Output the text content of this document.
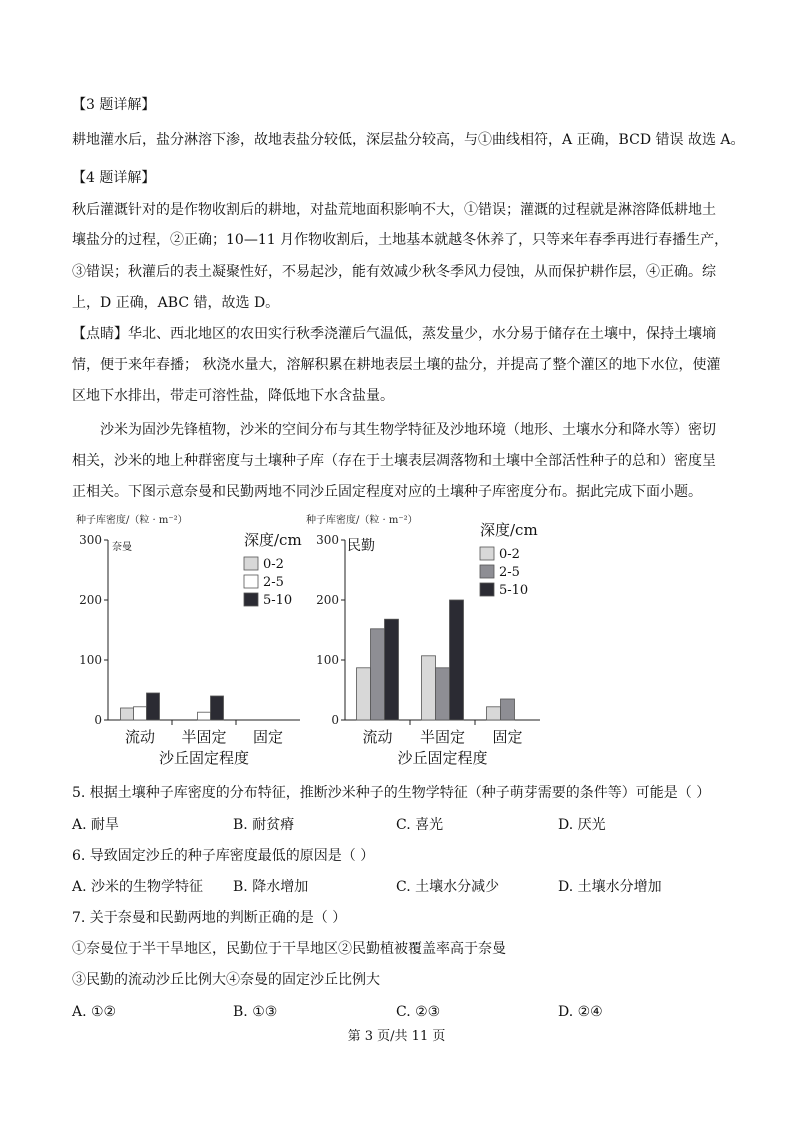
【3 题详解】
耕地灌水后，盐分淋溶下渗，故地表盐分较低，深层盐分较高，与①曲线相符，A 正确，BCD 错误 故选 A。
【4 题详解】
秋后灌溉针对的是作物收割后的耕地，对盐荒地面积影响不大，①错误；灌溉的过程就是淋溶降低耕地土
壤盐分的过程，②正确；10—11 月作物收割后，土地基本就越冬休养了，只等来年春季再进行春播生产，
③错误；秋灌后的表土凝聚性好，不易起沙，能有效减少秋冬季风力侵蚀，从而保护耕作层，④正确。综
上，D 正确，ABC 错，故选 D。
【点睛】华北、西北地区的农田实行秋季浇灌后气温低，蒸发量少，水分易于储存在土壤中，保持土壤墒
情，便于来年春播； 秋浇水量大，溶解积累在耕地表层土壤的盐分，并提高了整个灌区的地下水位，使灌
区地下水排出，带走可溶性盐，降低地下水含盐量。
沙米为固沙先锋植物，沙米的空间分布与其生物学特征及沙地环境（地形、土壤水分和降水等）密切
相关，沙米的地上种群密度与土壤种子库（存在于土壤表层凋落物和土壤中全部活性种子的总和）密度呈
正相关。下图示意奈曼和民勤两地不同沙丘固定程度对应的土壤种子库密度分布。据此完成下面小题。
种子库密度/（粒 · m⁻²）
0
100
200
300
流动 半固定 固定
沙丘固定程度
奈曼	深度/cm
0-2
2-5
5-10
种子库密度/（粒 · m⁻²）
0
100
200
300
流动 半固定 固定
沙丘固定程度
民勤
深度/cm
0-2
2-5
5-10
5. 根据土壤种子库密度的分布特征，推断沙米种子的生物学特征（种子萌芽需要的条件等）可能是（ ）
A. 耐旱	B. 耐贫瘠	C. 喜光	D. 厌光
6. 导致固定沙丘的种子库密度最低的原因是（ ）
A. 沙米的生物学特征 B. 降水增加	C. 土壤水分减少	D. 土壤水分增加
7. 关于奈曼和民勤两地的判断正确的是（ ）
①奈曼位于半干旱地区，民勤位于干旱地区②民勤植被覆盖率高于奈曼
③民勤的流动沙丘比例大④奈曼的固定沙丘比例大
A. ①②	B. ①③	C. ②③	D. ②④
第 3 页/共 11 页
